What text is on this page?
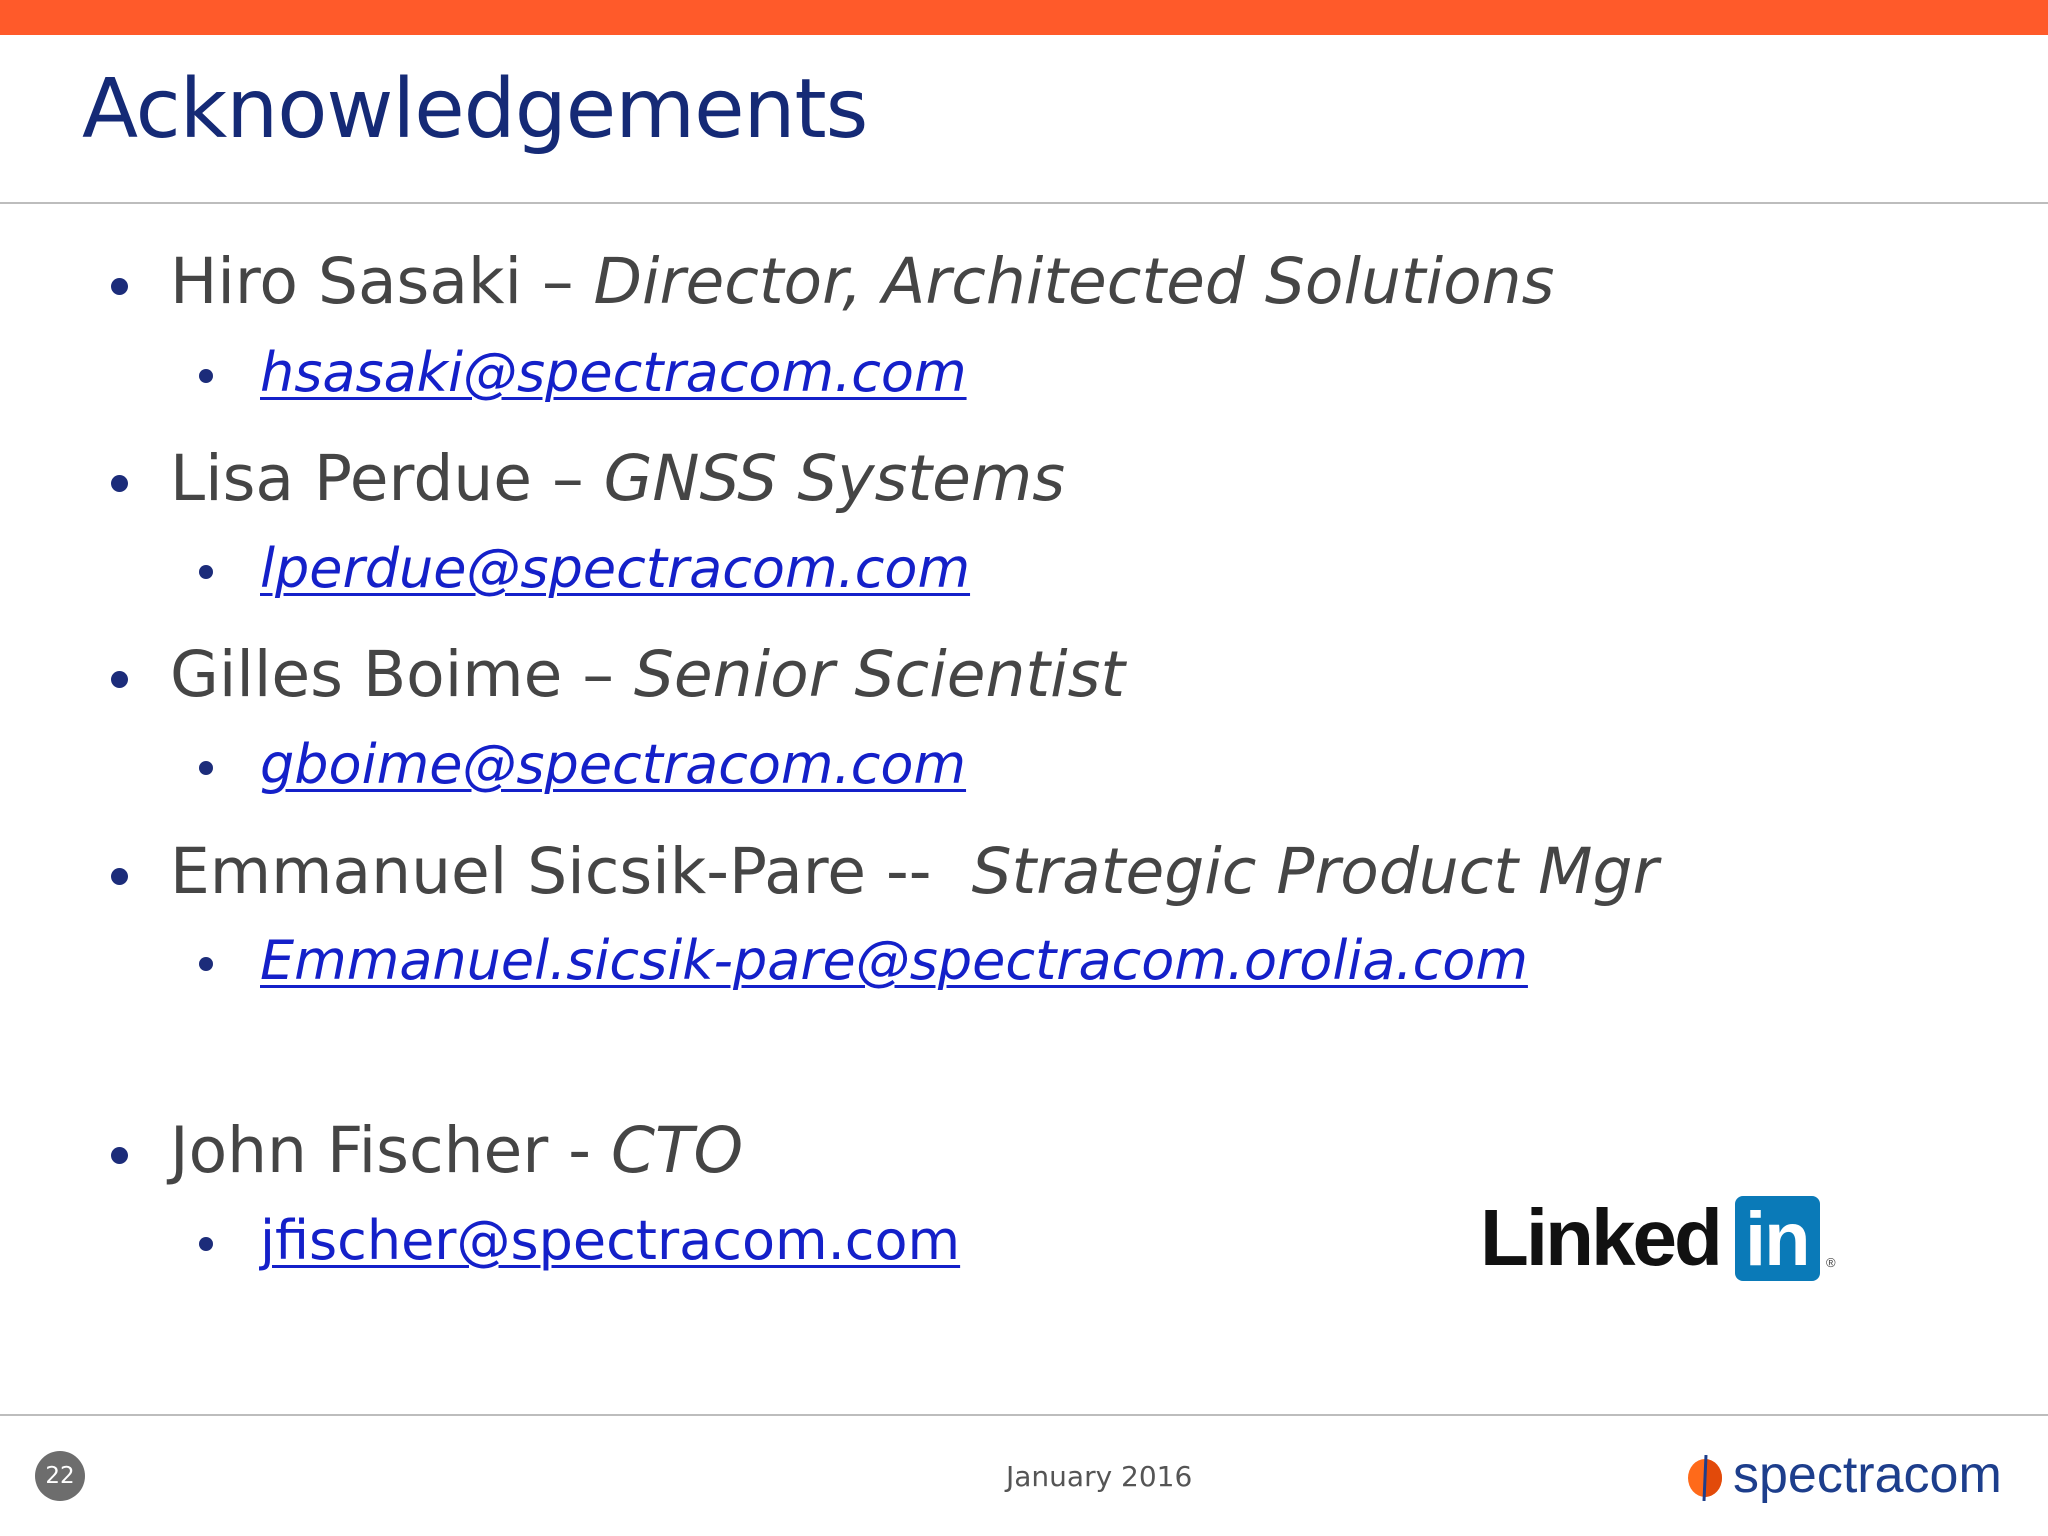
Acknowledgements
Hiro Sasaki – Director, Architected Solutions
hsasaki@spectracom.com
Lisa Perdue – GNSS Systems
lperdue@spectracom.com
Gilles Boime – Senior Scientist
gboime@spectracom.com
Emmanuel Sicsik-Pare --  Strategic Product Mgr
Emmanuel.sicsik-pare@spectracom.orolia.com
John Fischer - CTO
jfischer@spectracom.com	Linked in ®
22	January 2016	spectracom
